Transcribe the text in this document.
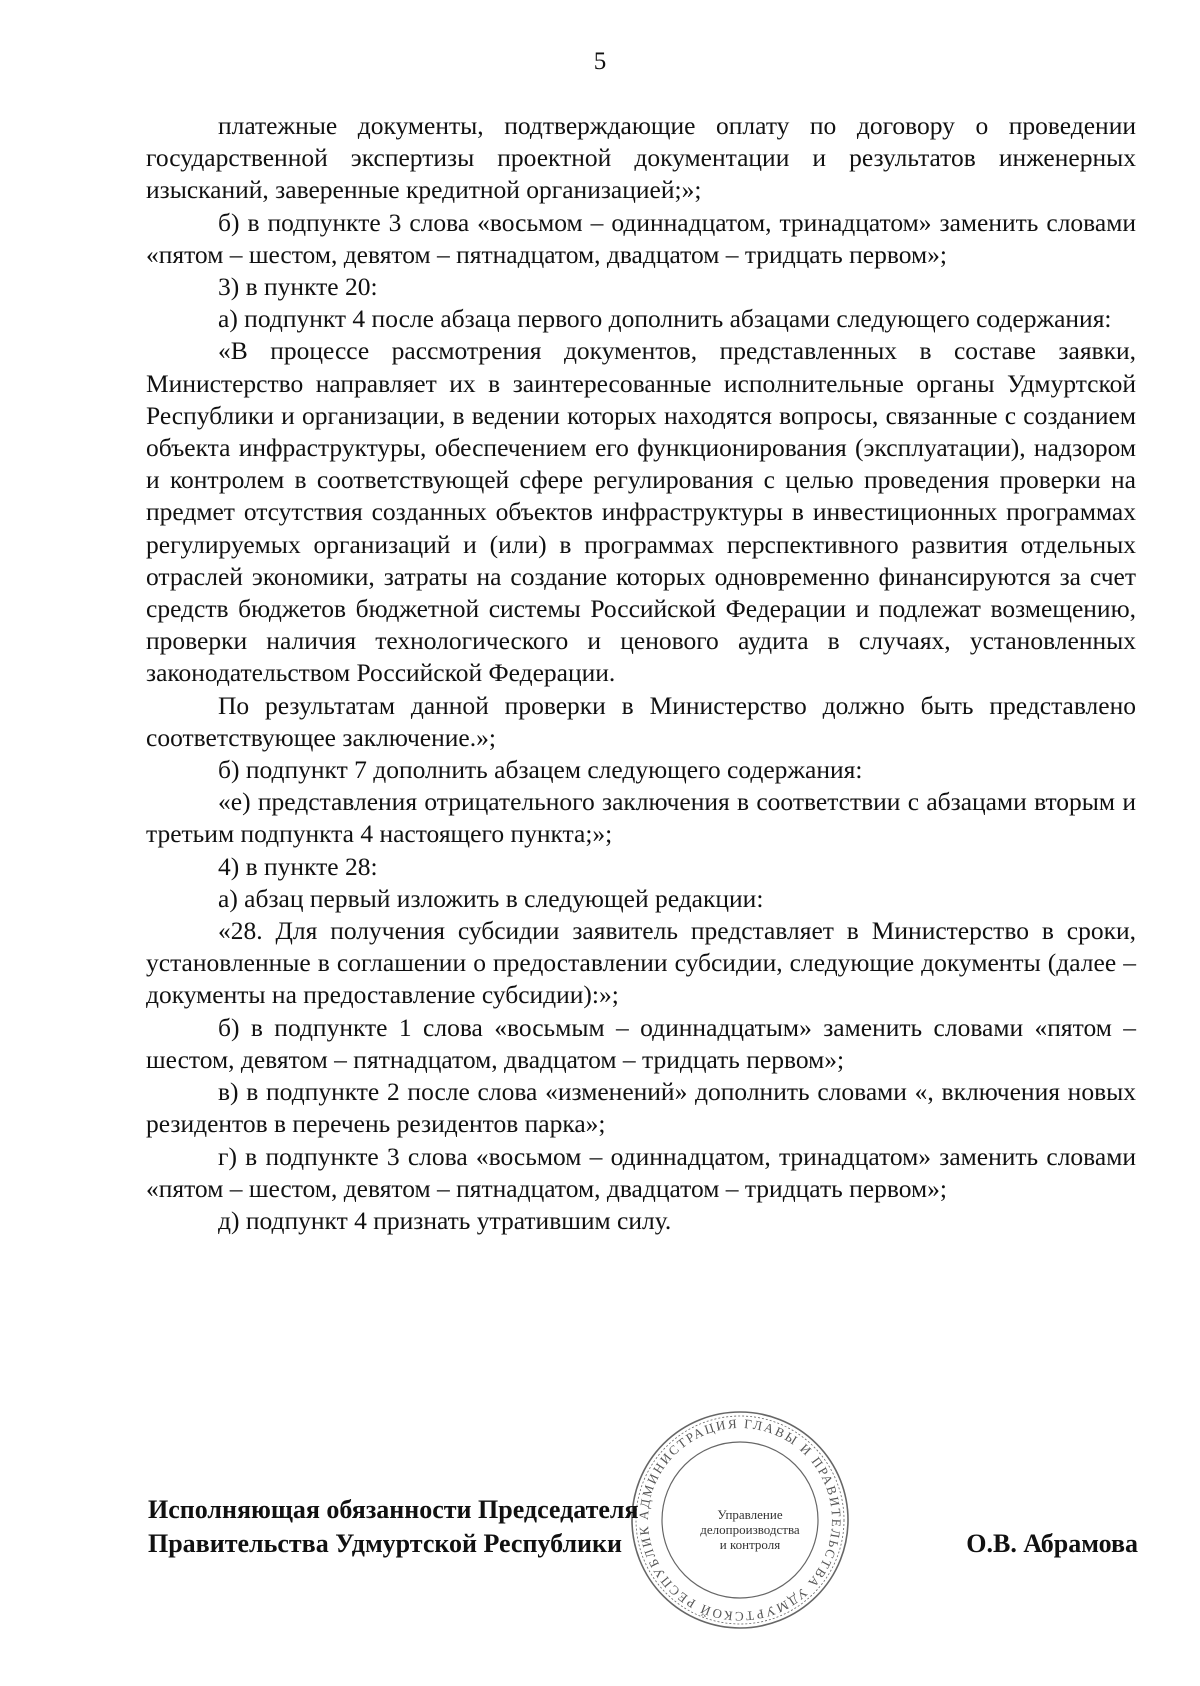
5

платежные документы, подтверждающие оплату по договору о проведении государственной экспертизы проектной документации и результатов инженерных изысканий, заверенные кредитной организацией;»;

б) в подпункте 3 слова «восьмом – одиннадцатом, тринадцатом» заменить словами «пятом – шестом, девятом – пятнадцатом, двадцатом – тридцать первом»;

3) в пункте 20:

а) подпункт 4 после абзаца первого дополнить абзацами следующего содержания:

«В процессе рассмотрения документов, представленных в составе заявки, Министерство направляет их в заинтересованные исполнительные органы Удмуртской Республики и организации, в ведении которых находятся вопросы, связанные с созданием объекта инфраструктуры, обеспечением его функционирования (эксплуатации), надзором и контролем в соответствующей сфере регулирования с целью проведения проверки на предмет отсутствия созданных объектов инфраструктуры в инвестиционных программах регулируемых организаций и (или) в программах перспективного развития отдельных отраслей экономики, затраты на создание которых одновременно финансируются за счет средств бюджетов бюджетной системы Российской Федерации и подлежат возмещению, проверки наличия технологического и ценового аудита в случаях, установленных законодательством Российской Федерации.

По результатам данной проверки в Министерство должно быть представлено соответствующее заключение.»;

б) подпункт 7 дополнить абзацем следующего содержания:

«е) представления отрицательного заключения в соответствии с абзацами вторым и третьим подпункта 4 настоящего пункта;»;

4) в пункте 28:

а) абзац первый изложить в следующей редакции:

«28. Для получения субсидии заявитель представляет в Министерство в сроки, установленные в соглашении о предоставлении субсидии, следующие документы (далее – документы на предоставление субсидии):»;

б) в подпункте 1 слова «восьмым – одиннадцатым» заменить словами «пятом – шестом, девятом – пятнадцатом, двадцатом – тридцать первом»;

в) в подпункте 2 после слова «изменений» дополнить словами «, включения новых резидентов в перечень резидентов парка»;

г) в подпункте 3 слова «восьмом – одиннадцатом, тринадцатом» заменить словами «пятом – шестом, девятом – пятнадцатом, двадцатом – тридцать первом»;

д) подпункт 4 признать утратившим силу.

АДМИНИСТРАЦИЯ ГЛАВЫ И ПРАВИТЕЛЬСТВА УДМУРТСКОЙ РЕСПУБЛИК
Управление
делопроизводства
и контроля
Исполняющая обязанности Председателя
Правительства Удмуртской Республики	О.В. Абрамова
